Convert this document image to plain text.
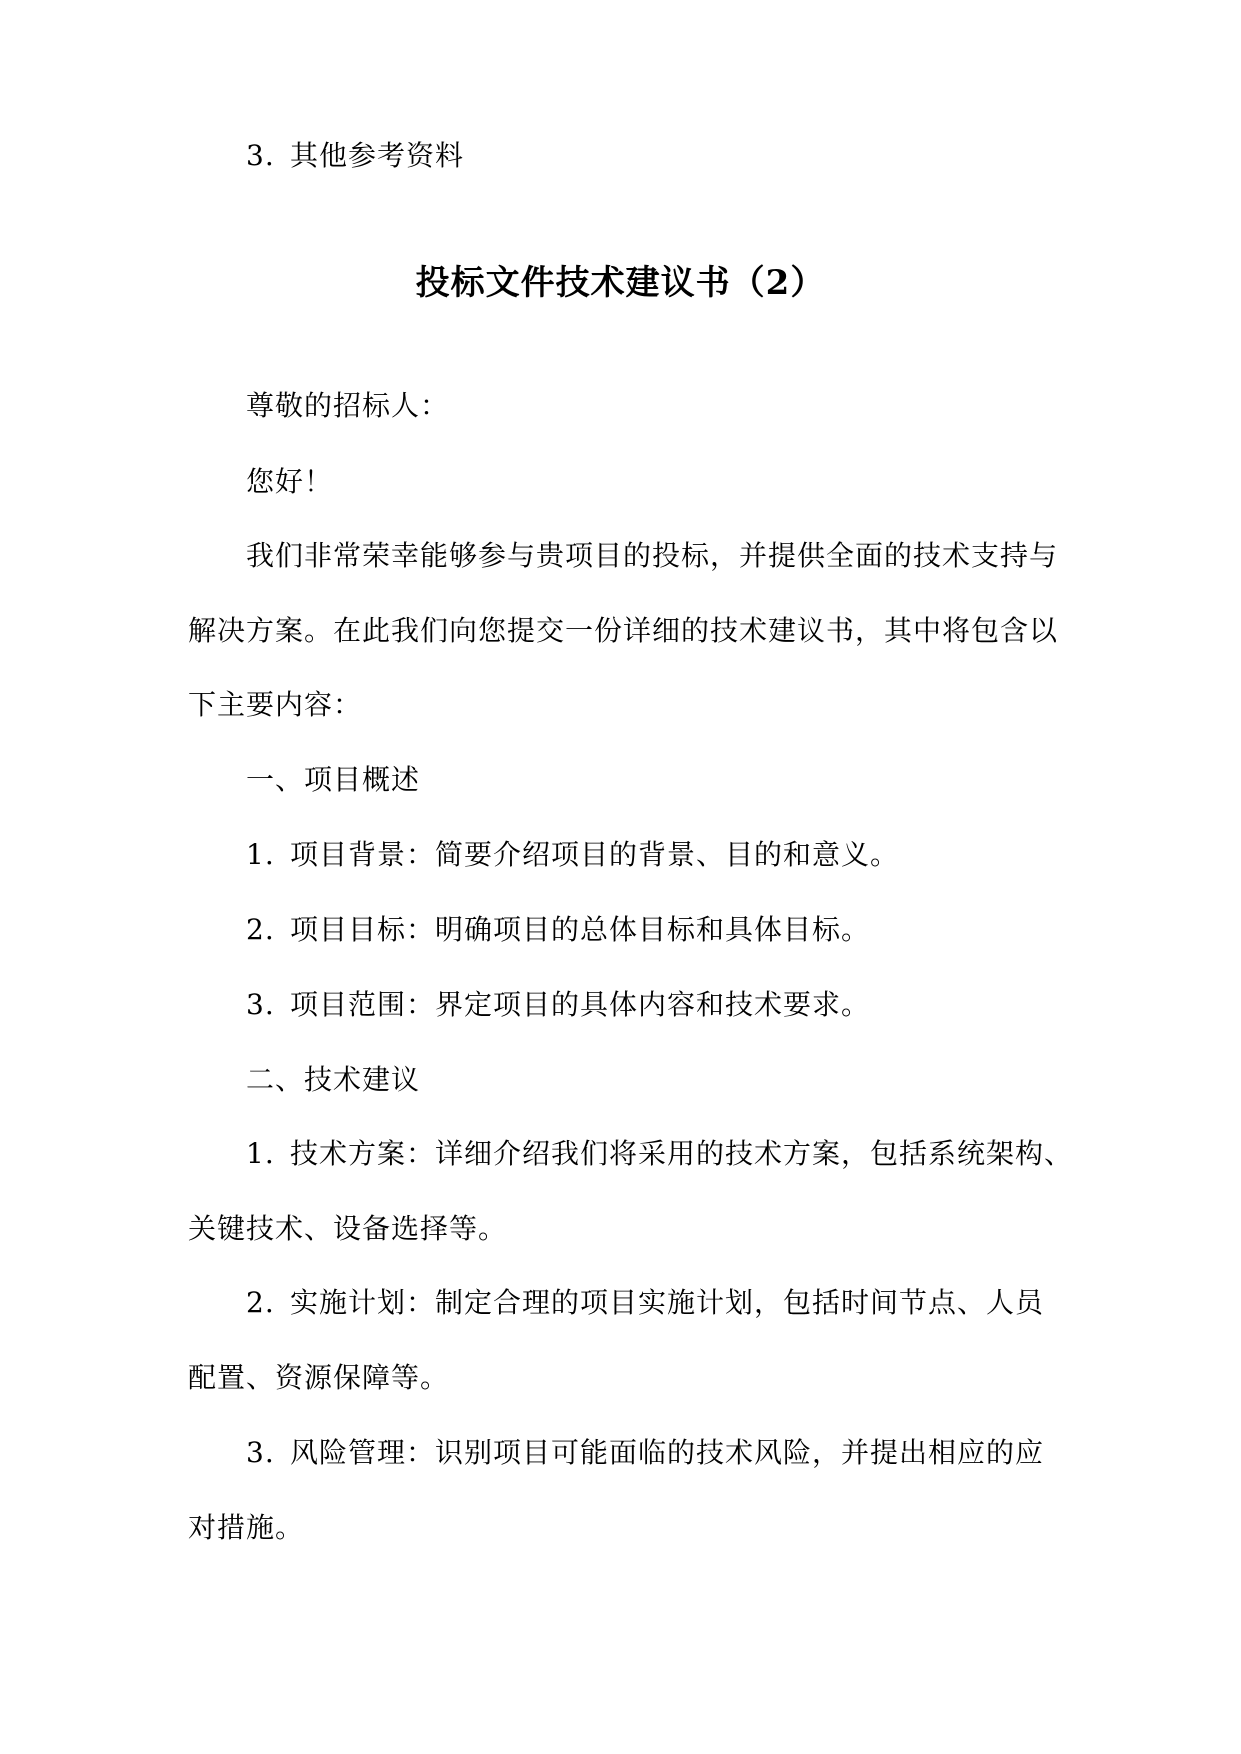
3. 其他参考资料
投标文件技术建议书（2）
尊敬的招标人：
您好！
我们非常荣幸能够参与贵项目的投标，并提供全面的技术支持与
解决方案。在此我们向您提交一份详细的技术建议书，其中将包含以
下主要内容：
一、项目概述
1. 项目背景：简要介绍项目的背景、目的和意义。
2. 项目目标：明确项目的总体目标和具体目标。
3. 项目范围：界定项目的具体内容和技术要求。
二、技术建议
1. 技术方案：详细介绍我们将采用的技术方案，包括系统架构、
关键技术、设备选择等。
2. 实施计划：制定合理的项目实施计划，包括时间节点、人员
配置、资源保障等。
3. 风险管理：识别项目可能面临的技术风险，并提出相应的应
对措施。
